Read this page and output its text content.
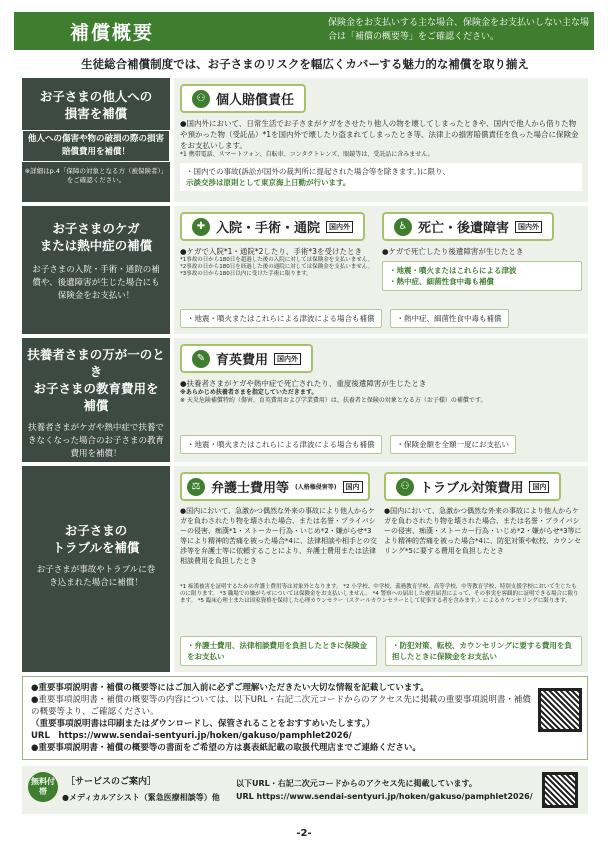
補償概要	保険金をお支払いする主な場合、保険金をお支払いしない主な場合は「補償の概要等」をご確認ください。
生徒総合補償制度では、お子さまのリスクを幅広くカバーする魅力的な補償を取り揃え
お子さまの他人への
損害を補償
他人への傷害や物の破損の際の損害賠償費用を補償！
※詳細はp.4「保障の対象となる方（被保険者）」をご確認ください。
⚇ 個人賠償責任
●国内外において、日常生活でお子さまがケガをさせたり他人の物を壊してしまったときや、国内で他人から借りた物や預かった物（受託品）*1を国内外で壊したり盗まれてしまったとき等、法律上の損害賠償責任を負った場合に保険金をお支払いします。
*1 携帯電話、スマートフォン、自転車、コンタクトレンズ、眼鏡等は、受託品に含みません。
・国内での事故(訴訟が国外の裁判所に提起された場合等を除きます。)に限り、
示談交渉は原則として東京海上日動が行います。
お子さまのケガ
または熱中症の補償
お子さまの入院・手術・通院の補償や、後遺障害が生じた場合にも保険金をお支払い！
✚ 入院・手術・通院	国内外
●ケガで入院*1・通院*2したり、手術*3を受けたとき
*1事故の日から180日を超過した後の入院に対しては保険金を支払いません。 *2事故の日から180日を経過した後の通院に対しては保険金を支払いません。 *3事故の日から180日以内に受けた手術に限ります。
♿ 死亡・後遺障害	国内外
●ケガで死亡したり後遺障害が生じたとき
・地震・噴火またはこれらによる津波
・熱中症、細菌性食中毒も補償
・地震・噴火またはこれらによる津波による場合も補償	・熱中症、細菌性食中毒も補償
扶養者さまの万が一のとき
お子さまの教育費用を
補償
扶養者さまがケガや熱中症で扶養できなくなった場合のお子さまの教育費用を補償！
✎ 育英費用	国内外
●扶養者さまがケガや熱中症で死亡されたり、重度後遺障害が生じたとき
※あらかじめ扶養者さまを指定していただきます。
※ 天災危険補償特約（傷害、育英費用および学業費用）は、扶養者と保険の対象となる方（お子様）の補償です。
・地震・噴火またはこれらによる津波による場合も補償	・保険金額を全額一度にお支払い
お子さまの
トラブルを補償
お子さまが事故やトラブルに巻き込まれた場合に補償！
⚖ 弁護士費用等 (人格権侵害等)	国内
●国内において、急激かつ偶然な外来の事故により他人からケガを負わされたり物を壊された場合、または名誉・プライバシーの侵害、痴漢*1・ストーカー行為・いじめ*2・嫌がらせ*3等により精神的苦痛を被った場合*4に、法律相談や相手との交渉等を弁護士等に依頼することにより、弁護士費用または法律相談費用を負担したとき
⚇ トラブル対策費用	国内
●国内において、急激かつ偶然な外来の事故により他人からケガを負わされたり物を壊された場合、または名誉・プライバシーの侵害、痴漢・ストーカー行為・いじめ*2・嫌がらせ*3等により精神的苦痛を被った場合*4に、防犯対策や転校、カウンセリング*5に要する費用を負担したとき
*1 痴漢被害を証明するための弁護士費用等は対象外となります。 *2 小学校、中学校、義務教育学校、高等学校、中等教育学校、特別支援学校において生じたものに限ります。 *3 職場での嫌がらせについては保険金をお支払いしません。 *4 警察への届出した被害届書によって、その事実を客観的に証明できる場合に限ります。 *5 臨床心理士または国家資格を保持した心理カウンセラー（スクールカウンセラーとして従事する者を含みます。）によるカウンセリングに限ります。
・弁護士費用、法律相談費用を負担したときに保険金をお支払い
・防犯対策、転校、カウンセリングに要する費用を負担したときに保険金をお支払い
●重要事項説明書・補償の概要等にはご加入前に必ずご理解いただきたい大切な情報を記載しています。
●重要事項説明書・補償の概要等の内容については、以下URL・右記二次元コードからのアクセス先に掲載の重要事項説明書・補償の概要等より、ご確認ください。
（重要事項説明書は印刷またはダウンロードし、保管されることをおすすめいたします。）
URL　https://www.sendai-sentyuri.jp/hoken/gakuso/pamphlet2026/
●重要事項説明書・補償の概要等の書面をご希望の方は裏表紙記載の取扱代理店までご連絡ください。
無料付帯
［サービスのご案内］
●メディカルアシスト（緊急医療相談等）他
以下URL・右記二次元コードからのアクセス先に掲載しています。
URL https://www.sendai-sentyuri.jp/hoken/gakuso/pamphlet2026/
-2-
